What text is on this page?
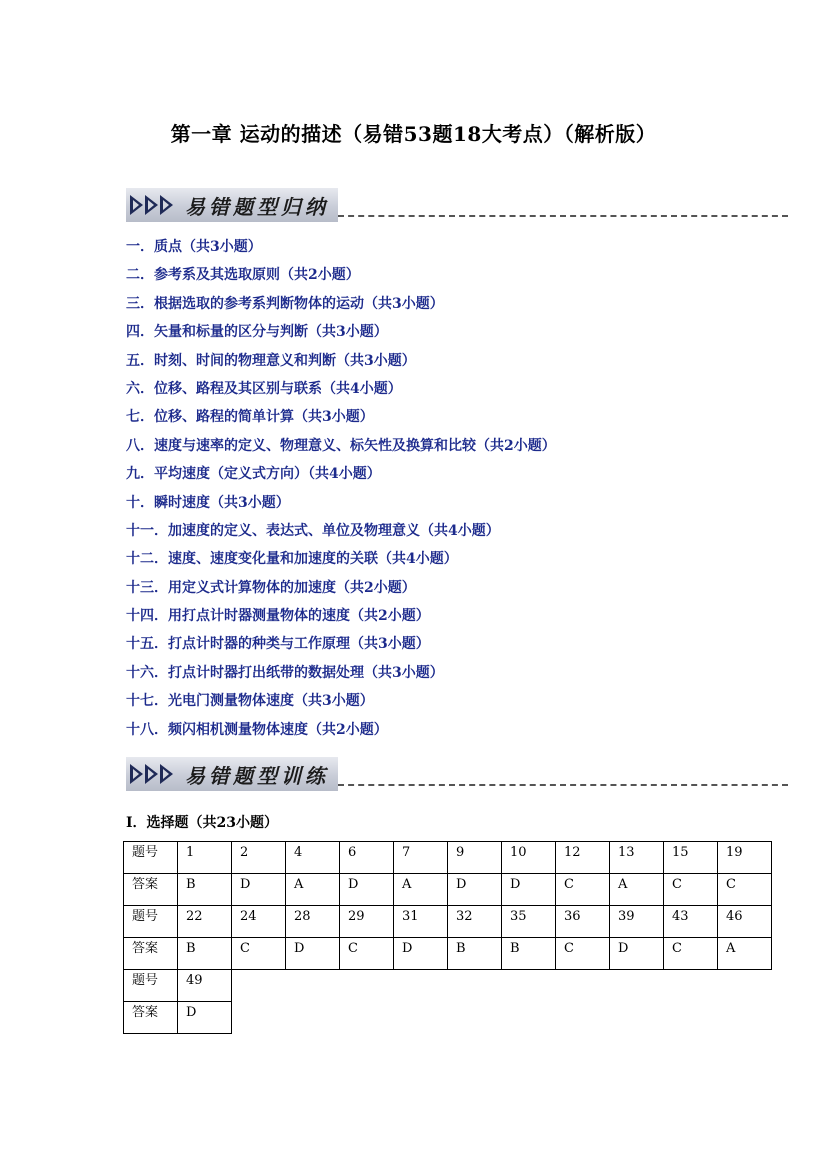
第一章 运动的描述（易错53题18大考点）（解析版）
易错题型归纳
一．质点（共3小题）
二．参考系及其选取原则（共2小题）
三．根据选取的参考系判断物体的运动（共3小题）
四．矢量和标量的区分与判断（共3小题）
五．时刻、时间的物理意义和判断（共3小题）
六．位移、路程及其区别与联系（共4小题）
七．位移、路程的简单计算（共3小题）
八．速度与速率的定义、物理意义、标矢性及换算和比较（共2小题）
九．平均速度（定义式方向）（共4小题）
十．瞬时速度（共3小题）
十一．加速度的定义、表达式、单位及物理意义（共4小题）
十二．速度、速度变化量和加速度的关联（共4小题）
十三．用定义式计算物体的加速度（共2小题）
十四．用打点计时器测量物体的速度（共2小题）
十五．打点计时器的种类与工作原理（共3小题）
十六．打点计时器打出纸带的数据处理（共3小题）
十七．光电门测量物体速度（共3小题）
十八．频闪相机测量物体速度（共2小题）
易错题型训练
Ⅰ．选择题（共23小题）
题号	1	2	4	6	7	9	10	12	13	15	19
答案	B	D	A	D	A	D	D	C	A	C	C
题号	22	24	28	29	31	32	35	36	39	43	46
答案	B	C	D	C	D	B	B	C	D	C	A
题号	49										
答案	D										
